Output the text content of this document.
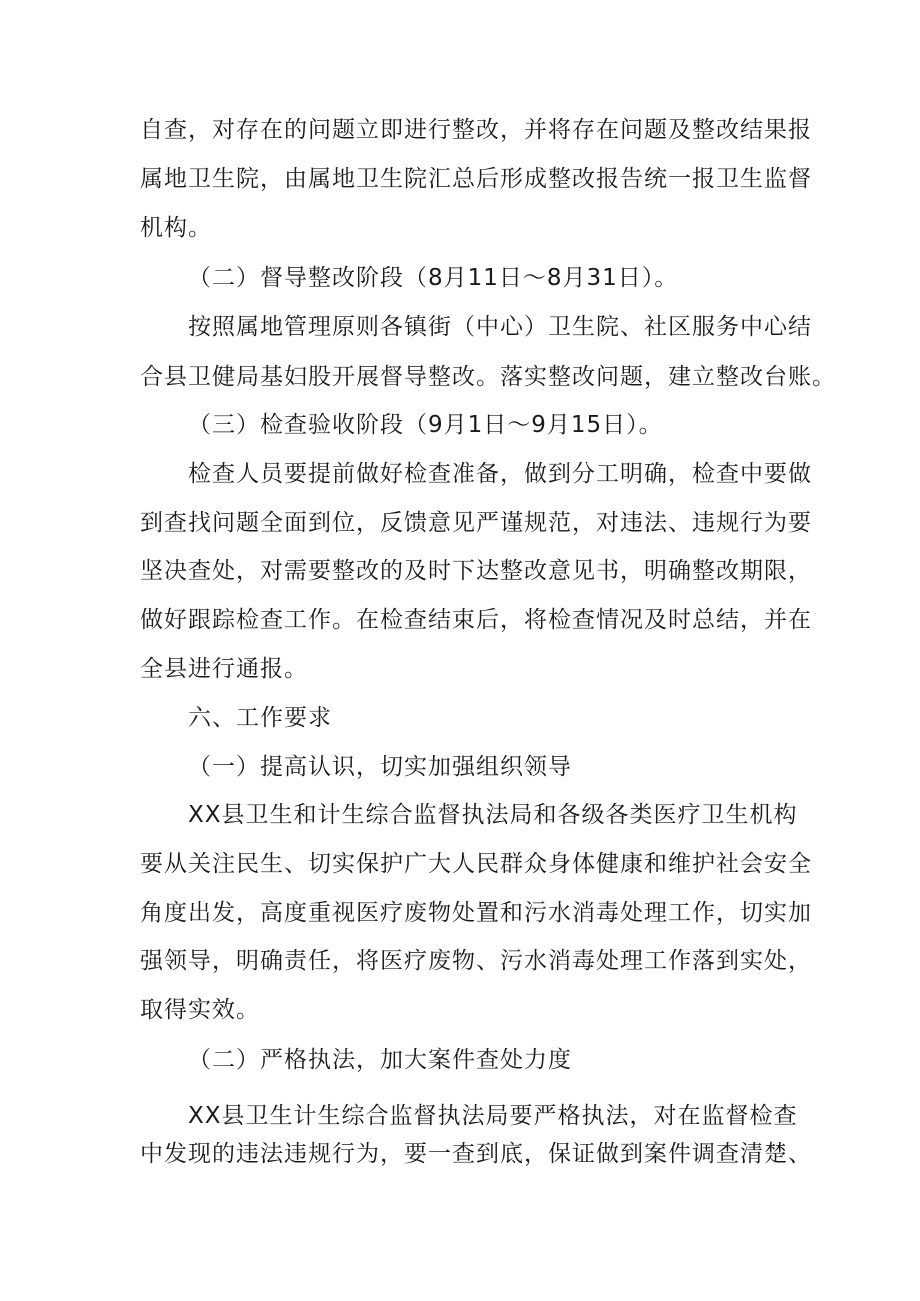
自查，对存在的问题立即进行整改，并将存在问题及整改结果报
属地卫生院，由属地卫生院汇总后形成整改报告统一报卫生监督
机构。
（二）督导整改阶段（8月11日～8月31日）。
按照属地管理原则各镇街（中心）卫生院、社区服务中心结
合县卫健局基妇股开展督导整改。落实整改问题，建立整改台账。
（三）检查验收阶段（9月1日～9月15日）。
检查人员要提前做好检查准备，做到分工明确，检查中要做
到查找问题全面到位，反馈意见严谨规范，对违法、违规行为要
坚决查处，对需要整改的及时下达整改意见书，明确整改期限，
做好跟踪检查工作。在检查结束后，将检查情况及时总结，并在
全县进行通报。
六、工作要求
（一）提高认识，切实加强组织领导
XX县卫生和计生综合监督执法局和各级各类医疗卫生机构
要从关注民生、切实保护广大人民群众身体健康和维护社会安全
角度出发，高度重视医疗废物处置和污水消毒处理工作，切实加
强领导，明确责任，将医疗废物、污水消毒处理工作落到实处，
取得实效。
（二）严格执法，加大案件查处力度
XX县卫生计生综合监督执法局要严格执法，对在监督检查
中发现的违法违规行为，要一查到底，保证做到案件调查清楚、
